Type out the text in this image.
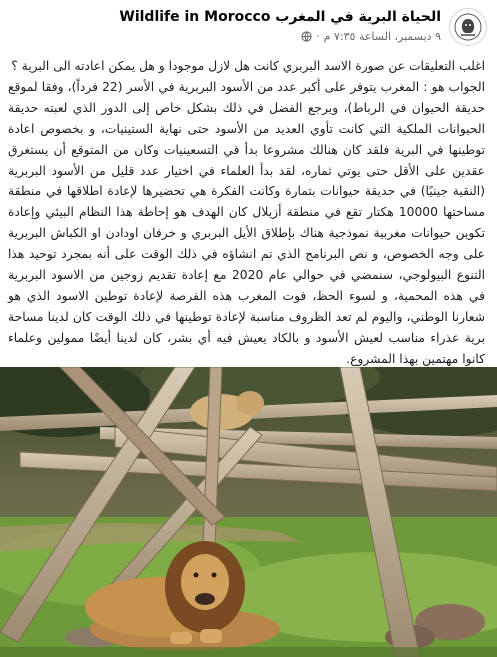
الحياة البرية في المغرب Wildlife in Morocco
٩ ديسمبر، الساعة ٧:٣٥ م
·

اغلب التعليقات عن صورة الاسد البربري كانت هل لازل موجودا و هل يمكن اعادته الى البرية ؟

الجواب هو : المغرب يتوفر على أكبر عدد من الأسود البربرية في الأسر (22 فرداً)، وفقا لموقع حديقة الحيوان في الرباط)، ويرجع الفضل في ذلك بشكل خاص إلى الدور الذي لعبته حديقة الحيوانات الملكية التي كانت تأوي العديد من الأسود حتى نهاية الستينيات، و بخصوص اعادة توطينها في البرية فلقد كان هنالك مشروعا بدأ في التسعينيات وكان من المتوقع أن يستغرق عقدين على الأقل حتى يوتي ثماره، لقد بدأ العلماء في اختيار عدد قليل من الأسود البربرية (النقية جينيًا) في حديقة حيوانات بتمارة وكانت الفكرة هي تحضيرها لإعادة اطلاقها في منطقة مساحتها 10000 هكتار تقع في منطقة أزيلال كان الهدف هو إحاطة هذا النظام البيئي وإعادة تكوين حيوانات مغربية نموذجية هناك بإطلاق الأيل البربري و خرفان اودادن او الكباش البربرية على وجه الخصوص، و نص البرنامج الذي تم انشاؤه في ذلك الوقت على أنه بمجرد توحيد هذا التنوع البيولوجي، سنمضي في حوالي عام 2020 مع إعادة تقديم زوجين من الاسود البربرية في هذه المحمية، و لسوء الحظ، فوت المغرب هذه الفرصة لإعادة توطين الاسود الذي هو شعارنا الوطني، واليوم لم تعد الظروف مناسبة لإعادة توطينها في ذلك الوقت كان لدينا مساحة برية عذراء مناسب لعيش الأسود و بالكاد يعيش فيه أي بشر، كان لدينا أيضًا ممولين وعلماء كانوا مهتمين بهذا المشروع.
